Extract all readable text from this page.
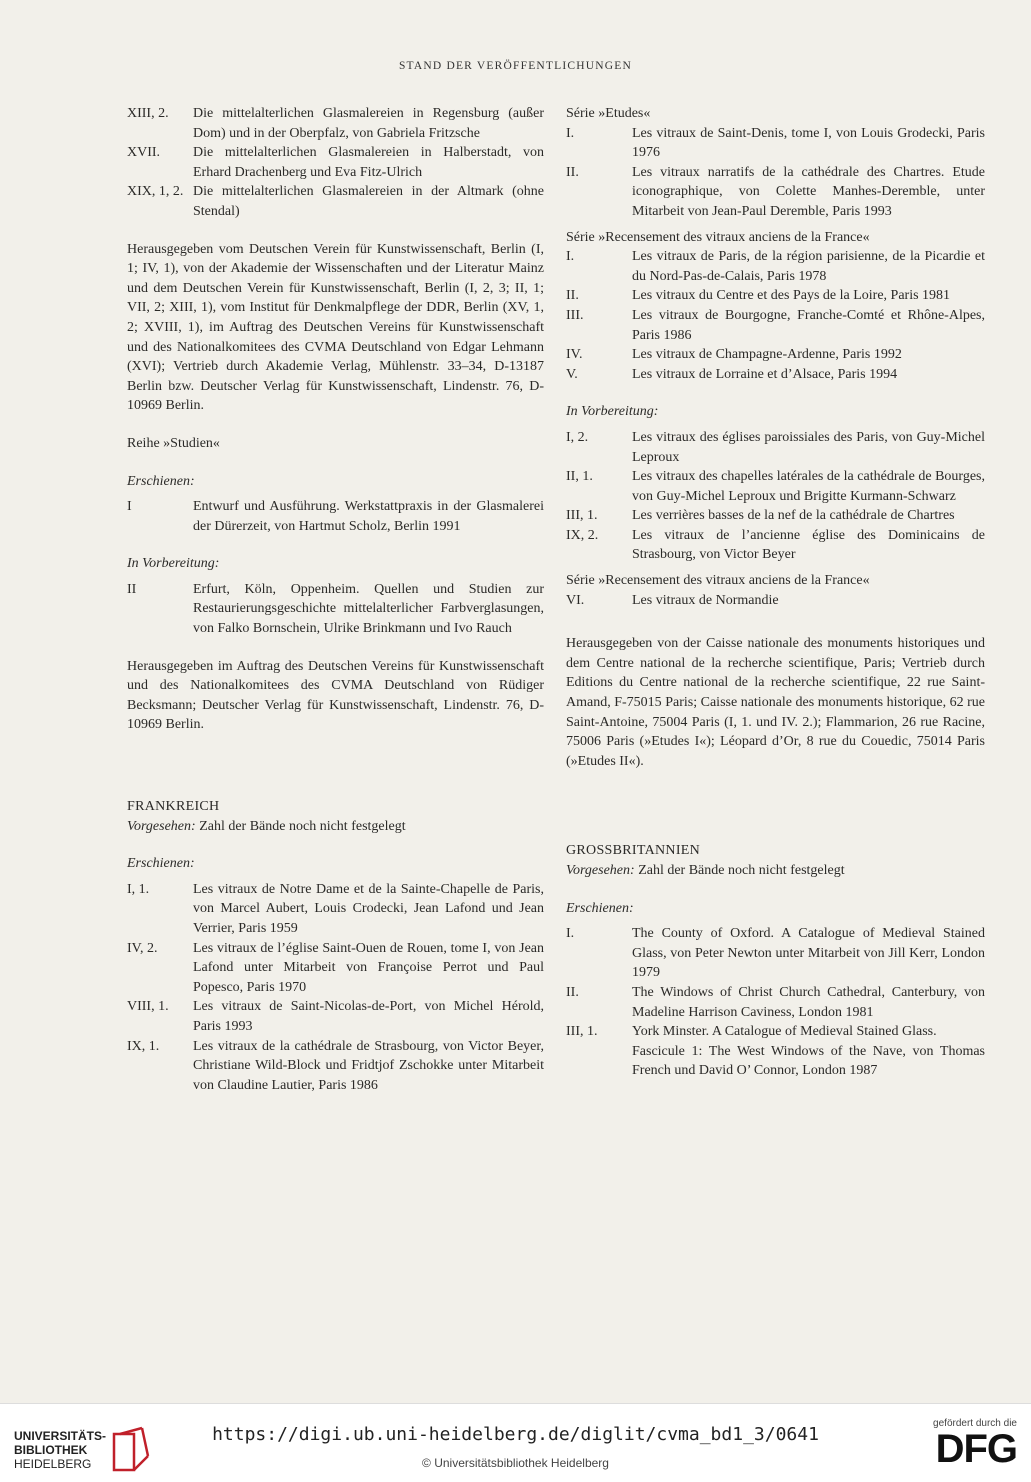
STAND DER VERÖFFENTLICHUNGEN
XIII, 2.	Die mittelalterlichen Glasmalereien in Regensburg (außer Dom) und in der Oberpfalz, von Gabriela Fritzsche
XVII.	Die mittelalterlichen Glasmalereien in Halberstadt, von Erhard Drachenberg und Eva Fitz-Ulrich
XIX, 1, 2. Die mittelalterlichen Glasmalereien in der Altmark (ohne Stendal)

Herausgegeben vom Deutschen Verein für Kunstwissenschaft, Berlin (I, 1; IV, 1), von der Akademie der Wissenschaften und der Literatur Mainz und dem Deutschen Verein für Kunstwissenschaft, Berlin (I, 2, 3; II, 1; VII, 2; XIII, 1), vom Institut für Denkmalpflege der DDR, Berlin (XV, 1, 2; XVIII, 1), im Auftrag des Deutschen Vereins für Kunstwissenschaft und des Nationalkomitees des CVMA Deutschland von Edgar Lehmann (XVI); Vertrieb durch Akademie Verlag, Mühlenstr. 33–34, D-13187 Berlin bzw. Deutscher Verlag für Kunstwissenschaft, Lindenstr. 76, D-10969 Berlin.

Reihe »Studien«

Erschienen:

I	Entwurf und Ausführung. Werkstattpraxis in der Glasmalerei der Dürerzeit, von Hartmut Scholz, Berlin 1991

In Vorbereitung:

II	Erfurt, Köln, Oppenheim. Quellen und Studien zur Restaurierungsgeschichte mittelalterlicher Farbverglasungen, von Falko Bornschein, Ulrike Brinkmann und Ivo Rauch

Herausgegeben im Auftrag des Deutschen Vereins für Kunstwissenschaft und des Nationalkomitees des CVMA Deutschland von Rüdiger Becksmann; Deutscher Verlag für Kunstwissenschaft, Lindenstr. 76, D-10969 Berlin.

FRANKREICH

Vorgesehen: Zahl der Bände noch nicht festgelegt

Erschienen:

I, 1.	Les vitraux de Notre Dame et de la Sainte-Chapelle de Paris, von Marcel Aubert, Louis Crodecki, Jean Lafond und Jean Verrier, Paris 1959
IV, 2.	Les vitraux de l’église Saint-Ouen de Rouen, tome I, von Jean Lafond unter Mitarbeit von Françoise Perrot und Paul Popesco, Paris 1970
VIII, 1.	Les vitraux de Saint-Nicolas-de-Port, von Michel Hérold, Paris 1993
IX, 1.	Les vitraux de la cathédrale de Strasbourg, von Victor Beyer, Christiane Wild-Block und Fridtjof Zschokke unter Mitarbeit von Claudine Lautier, Paris 1986

Série »Etudes«

I.	Les vitraux de Saint-Denis, tome I, von Louis Grodecki, Paris 1976
II.	Les vitraux narratifs de la cathédrale des Chartres. Etude iconographique, von Colette Manhes-Deremble, unter Mitarbeit von Jean-Paul Deremble, Paris 1993

Série »Recensement des vitraux anciens de la France«

I.	Les vitraux de Paris, de la région parisienne, de la Picardie et du Nord-Pas-de-Calais, Paris 1978
II.	Les vitraux du Centre et des Pays de la Loire, Paris 1981
III.	Les vitraux de Bourgogne, Franche-Comté et Rhône-Alpes, Paris 1986
IV.	Les vitraux de Champagne-Ardenne, Paris 1992
V.	Les vitraux de Lorraine et d’Alsace, Paris 1994

In Vorbereitung:

I, 2.	Les vitraux des églises paroissiales des Paris, von Guy-Michel Leproux
II, 1.	Les vitraux des chapelles latérales de la cathédrale de Bourges, von Guy-Michel Leproux und Brigitte Kurmann-Schwarz
III, 1.	Les verrières basses de la nef de la cathédrale de Chartres
IX, 2.	Les vitraux de l’ancienne église des Dominicains de Strasbourg, von Victor Beyer

Série »Recensement des vitraux anciens de la France«

VI.	Les vitraux de Normandie

Herausgegeben von der Caisse nationale des monuments historiques und dem Centre national de la recherche scientifique, Paris; Vertrieb durch Editions du Centre national de la recherche scientifique, 22 rue Saint-Amand, F-75015 Paris; Caisse nationale des monuments historique, 62 rue Saint-Antoine, 75004 Paris (I, 1. und IV. 2.); Flammarion, 26 rue Racine, 75006 Paris (»Etudes I«); Léopard d’Or, 8 rue du Couedic, 75014 Paris (»Etudes II«).

GROSSBRITANNIEN

Vorgesehen: Zahl der Bände noch nicht festgelegt

Erschienen:

I.	The County of Oxford. A Catalogue of Medieval Stained Glass, von Peter Newton unter Mitarbeit von Jill Kerr, London 1979
II.	The Windows of Christ Church Cathedral, Canterbury, von Madeline Harrison Caviness, London 1981
III, 1.	York Minster. A Catalogue of Medieval Stained Glass.
Fascicule 1: The West Windows of the Nave, von Thomas French und David O’ Connor, London 1987
UNIVERSITÄTS-
BIBLIOTHEK
HEIDELBERG
https://digi.ub.uni-heidelberg.de/diglit/cvma_bd1_3/0641
© Universitätsbibliothek Heidelberg
gefördert durch die
DFG
